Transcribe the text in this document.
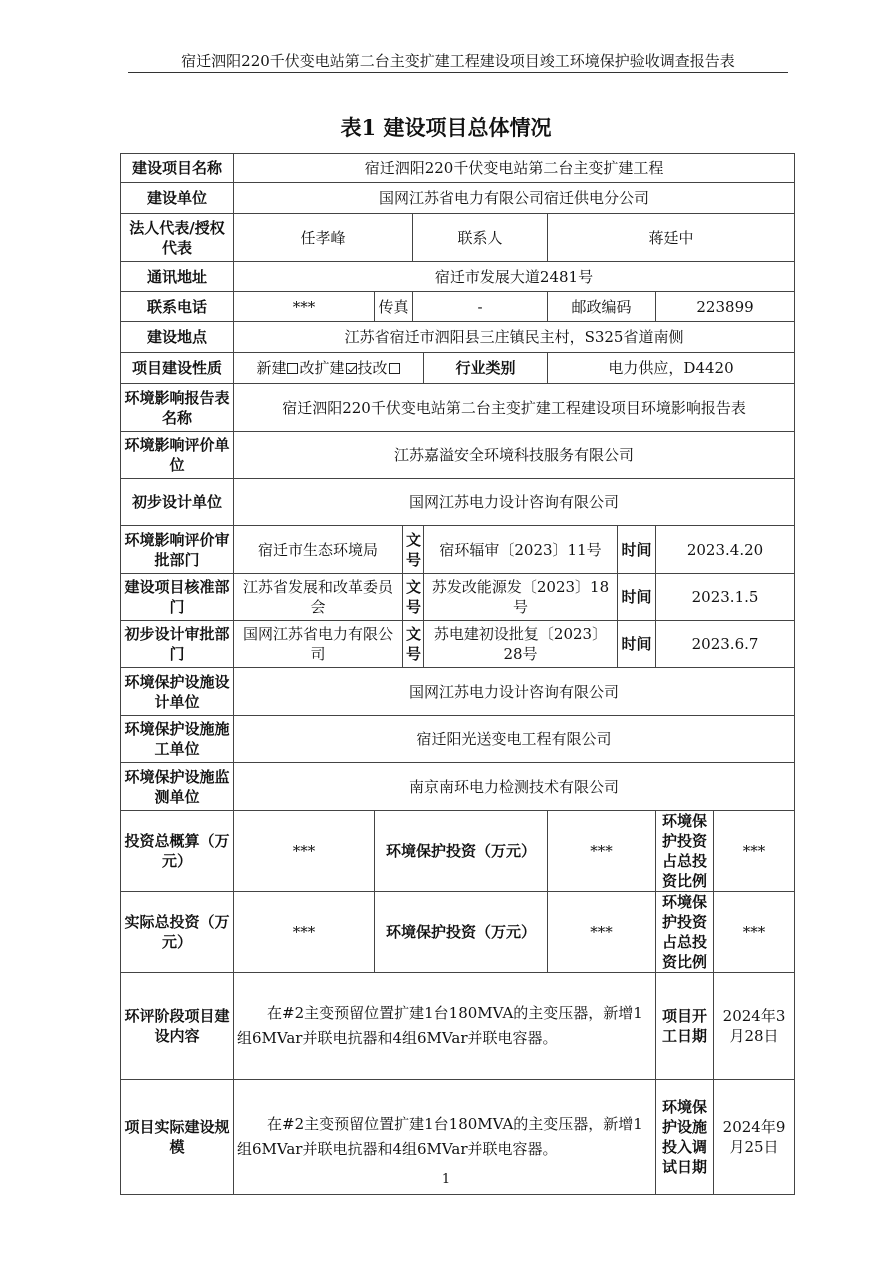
宿迁泗阳220千伏变电站第二台主变扩建工程建设项目竣工环境保护验收调查报告表
表1 建设项目总体情况
建设项目名称	宿迁泗阳220千伏变电站第二台主变扩建工程								
建设单位	国网江苏省电力有限公司宿迁供电分公司								
法人代表/授权代表	任孝峰			联系人		蒋廷中			
通讯地址	宿迁市发展大道2481号								
联系电话	***	传真		-		邮政编码		223899	
建设地点	江苏省宿迁市泗阳县三庄镇民主村，S325省道南侧								
项目建设性质	新建 改扩建 技改				行业类别	电力供应，D4420			
环境影响报告表名称	宿迁泗阳220千伏变电站第二台主变扩建工程建设项目环境影响报告表								
环境影响评价单位	江苏嘉溢安全环境科技服务有限公司								
初步设计单位	国网江苏电力设计咨询有限公司								
环境影响评价审批部门	宿迁市生态环境局		文号		宿环辐审〔2023〕11号		时间	2023.4.20	
建设项目核准部门	江苏省发展和改革委员会		文号		苏发改能源发〔2023〕18号		时间	2023.1.5	
初步设计审批部门	国网江苏省电力有限公司		文号		苏电建初设批复〔2023〕28号		时间	2023.6.7	
环境保护设施设计单位	国网江苏电力设计咨询有限公司								
环境保护设施施工单位	宿迁阳光送变电工程有限公司								
环境保护设施监测单位	南京南环电力检测技术有限公司								
投资总概算（万元）	***	环境保护投资（万元）				***		环境保护投资占总投资比例	***
实际总投资（万元）	***	环境保护投资（万元）				***		环境保护投资占总投资比例	***
环评阶段项目建设内容	在#2主变预留位置扩建1台180MVA的主变压器，新增1组6MVar并联电抗器和4组6MVar并联电容器。							项目开工日期	2024年3月28日
项目实际建设规模	在#2主变预留位置扩建1台180MVA的主变压器，新增1组6MVar并联电抗器和4组6MVar并联电容器。							环境保护设施投入调试日期	2024年9月25日
1
